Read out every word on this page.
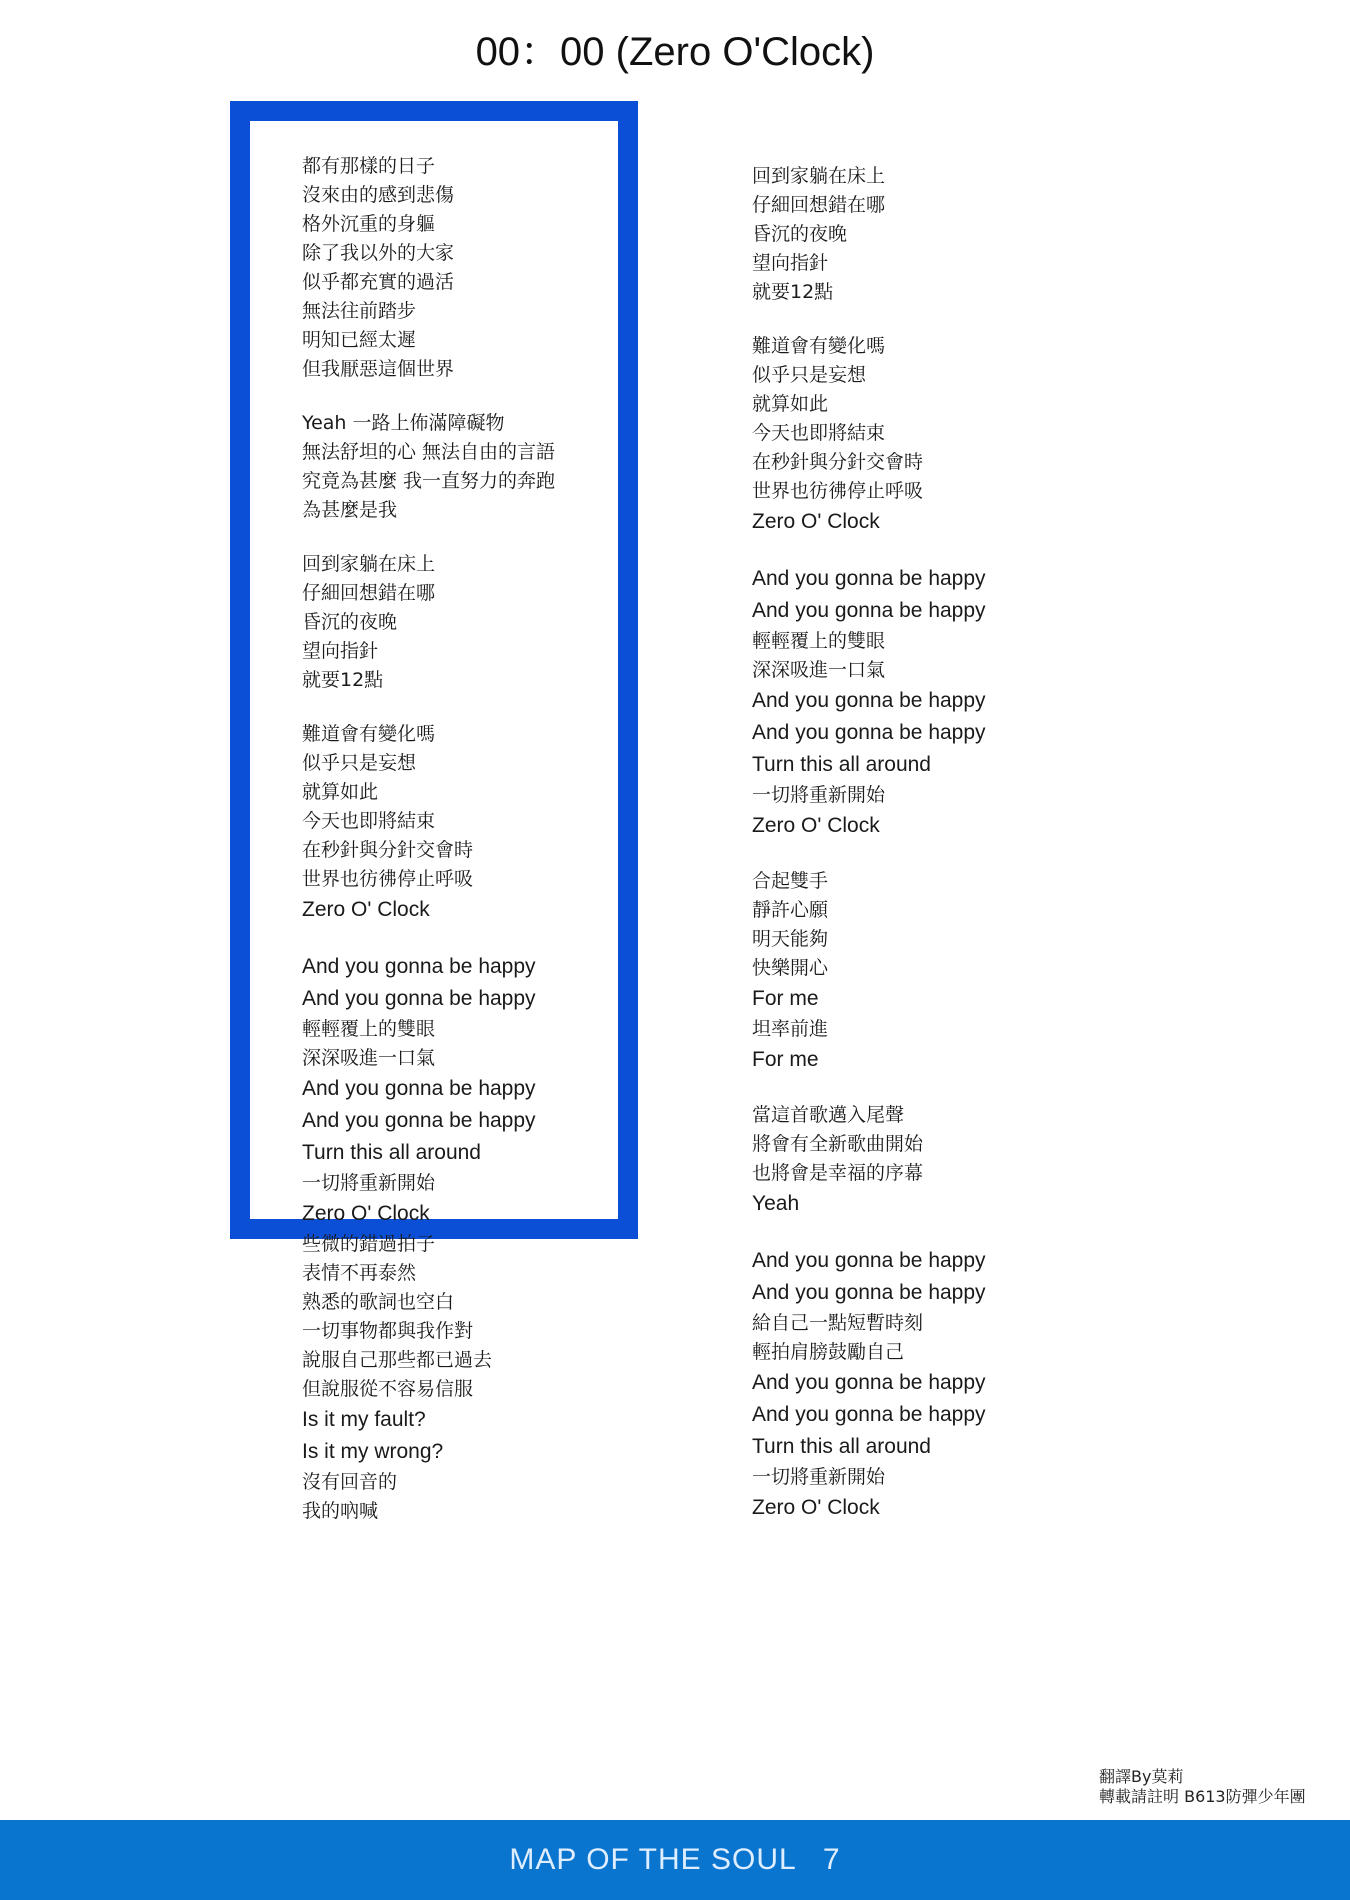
00：00 (Zero O'Clock)
都有那樣的日子
沒來由的感到悲傷
格外沉重的身軀
除了我以外的大家
似乎都充實的過活
無法往前踏步
明知已經太遲
但我厭惡這個世界
Yeah 一路上佈滿障礙物
無法舒坦的心 無法自由的言語
究竟為甚麼 我一直努力的奔跑
為甚麼是我
回到家躺在床上
仔細回想錯在哪
昏沉的夜晚
望向指針
就要12點
難道會有變化嗎
似乎只是妄想
就算如此
今天也即將結束
在秒針與分針交會時
世界也彷彿停止呼吸
Zero O' Clock
And you gonna be happy
And you gonna be happy
輕輕覆上的雙眼
深深吸進一口氣
And you gonna be happy
And you gonna be happy
Turn this all around
一切將重新開始
Zero O' Clock
些微的錯過拍子
表情不再泰然
熟悉的歌詞也空白
一切事物都與我作對
說服自己那些都已過去
但說服從不容易信服
Is it my fault?
Is it my wrong?
沒有回音的
我的吶喊
回到家躺在床上
仔細回想錯在哪
昏沉的夜晚
望向指針
就要12點
難道會有變化嗎
似乎只是妄想
就算如此
今天也即將結束
在秒針與分針交會時
世界也彷彿停止呼吸
Zero O' Clock
And you gonna be happy
And you gonna be happy
輕輕覆上的雙眼
深深吸進一口氣
And you gonna be happy
And you gonna be happy
Turn this all around
一切將重新開始
Zero O' Clock
合起雙手
靜許心願
明天能夠
快樂開心
For me
坦率前進
For me
當這首歌邁入尾聲
將會有全新歌曲開始
也將會是幸福的序幕
Yeah
And you gonna be happy
And you gonna be happy
給自己一點短暫時刻
輕拍肩膀鼓勵自己
And you gonna be happy
And you gonna be happy
Turn this all around
一切將重新開始
Zero O' Clock
翻譯By莫莉
轉載請註明 B613防彈少年團
MAP OF THE SOUL 7
